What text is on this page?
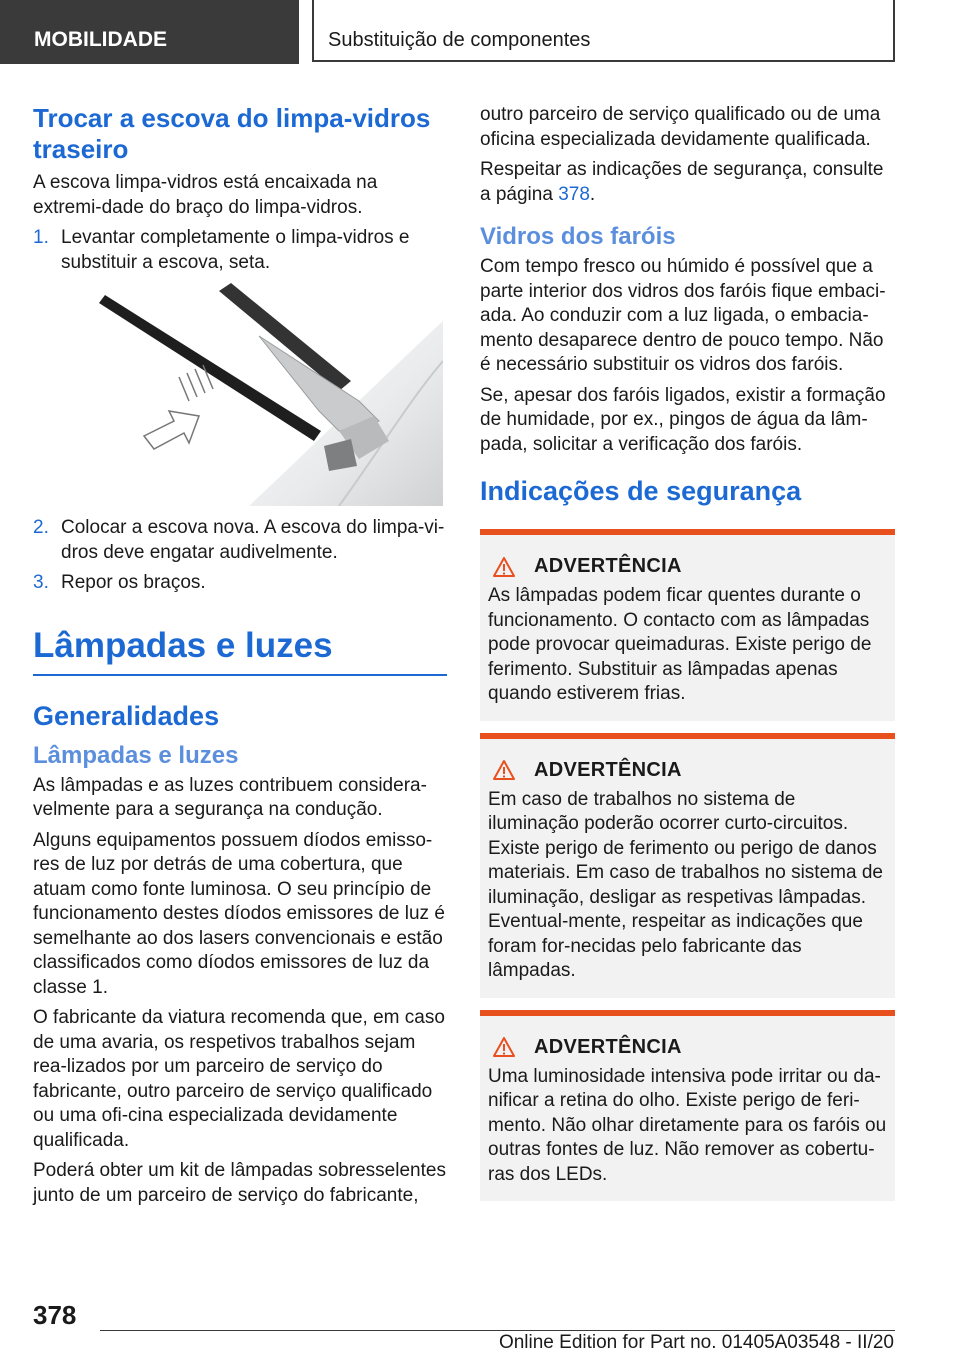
MOBILIDADE	Substituição de componentes
Trocar a escova do limpa-vidros traseiro

A escova limpa-vidros está encaixada na extremi-dade do braço do limpa-vidros.

1. Levantar completamente o limpa-vidros e substituir a escova, seta.
2. Colocar a escova nova. A escova do limpa-vi-dros deve engatar audivelmente.
3. Repor os braços.
Lâmpadas e luzes
Generalidades
Lâmpadas e luzes

As lâmpadas e as luzes contribuem considera-velmente para a segurança na condução.

Alguns equipamentos possuem díodos emisso-res de luz por detrás de uma cobertura, que atuam como fonte luminosa. O seu princípio de funcionamento destes díodos emissores de luz é semelhante ao dos lasers convencionais e estão classificados como díodos emissores de luz da classe 1.

O fabricante da viatura recomenda que, em caso de uma avaria, os respetivos trabalhos sejam rea-lizados por um parceiro de serviço do fabricante, outro parceiro de serviço qualificado ou uma ofi-cina especializada devidamente qualificada.

Poderá obter um kit de lâmpadas sobresselentes junto de um parceiro de serviço do fabricante,

outro parceiro de serviço qualificado ou de uma oficina especializada devidamente qualificada.

Respeitar as indicações de segurança, consulte a página 378.

Vidros dos faróis

Com tempo fresco ou húmido é possível que a parte interior dos vidros dos faróis fique embaci-ada. Ao conduzir com a luz ligada, o embacia-mento desaparece dentro de pouco tempo. Não é necessário substituir os vidros dos faróis.

Se, apesar dos faróis ligados, existir a formação de humidade, por ex., pingos de água da lâm-pada, solicitar a verificação dos faróis.

Indicações de segurança
ADVERTÊNCIA

As lâmpadas podem ficar quentes durante o funcionamento. O contacto com as lâmpadas pode provocar queimaduras. Existe perigo de ferimento. Substituir as lâmpadas apenas quando estiverem frias.

ADVERTÊNCIA

Em caso de trabalhos no sistema de iluminação poderão ocorrer curto-circuitos. Existe perigo de ferimento ou perigo de danos materiais. Em caso de trabalhos no sistema de iluminação, desligar as respetivas lâmpadas. Eventual-mente, respeitar as indicações que foram for-necidas pelo fabricante das lâmpadas.

ADVERTÊNCIA

Uma luminosidade intensiva pode irritar ou da-nificar a retina do olho. Existe perigo de feri-mento. Não olhar diretamente para os faróis ou outras fontes de luz. Não remover as cobertu-ras dos LEDs.

378
Online Edition for Part no. 01405A03548 - II/20
